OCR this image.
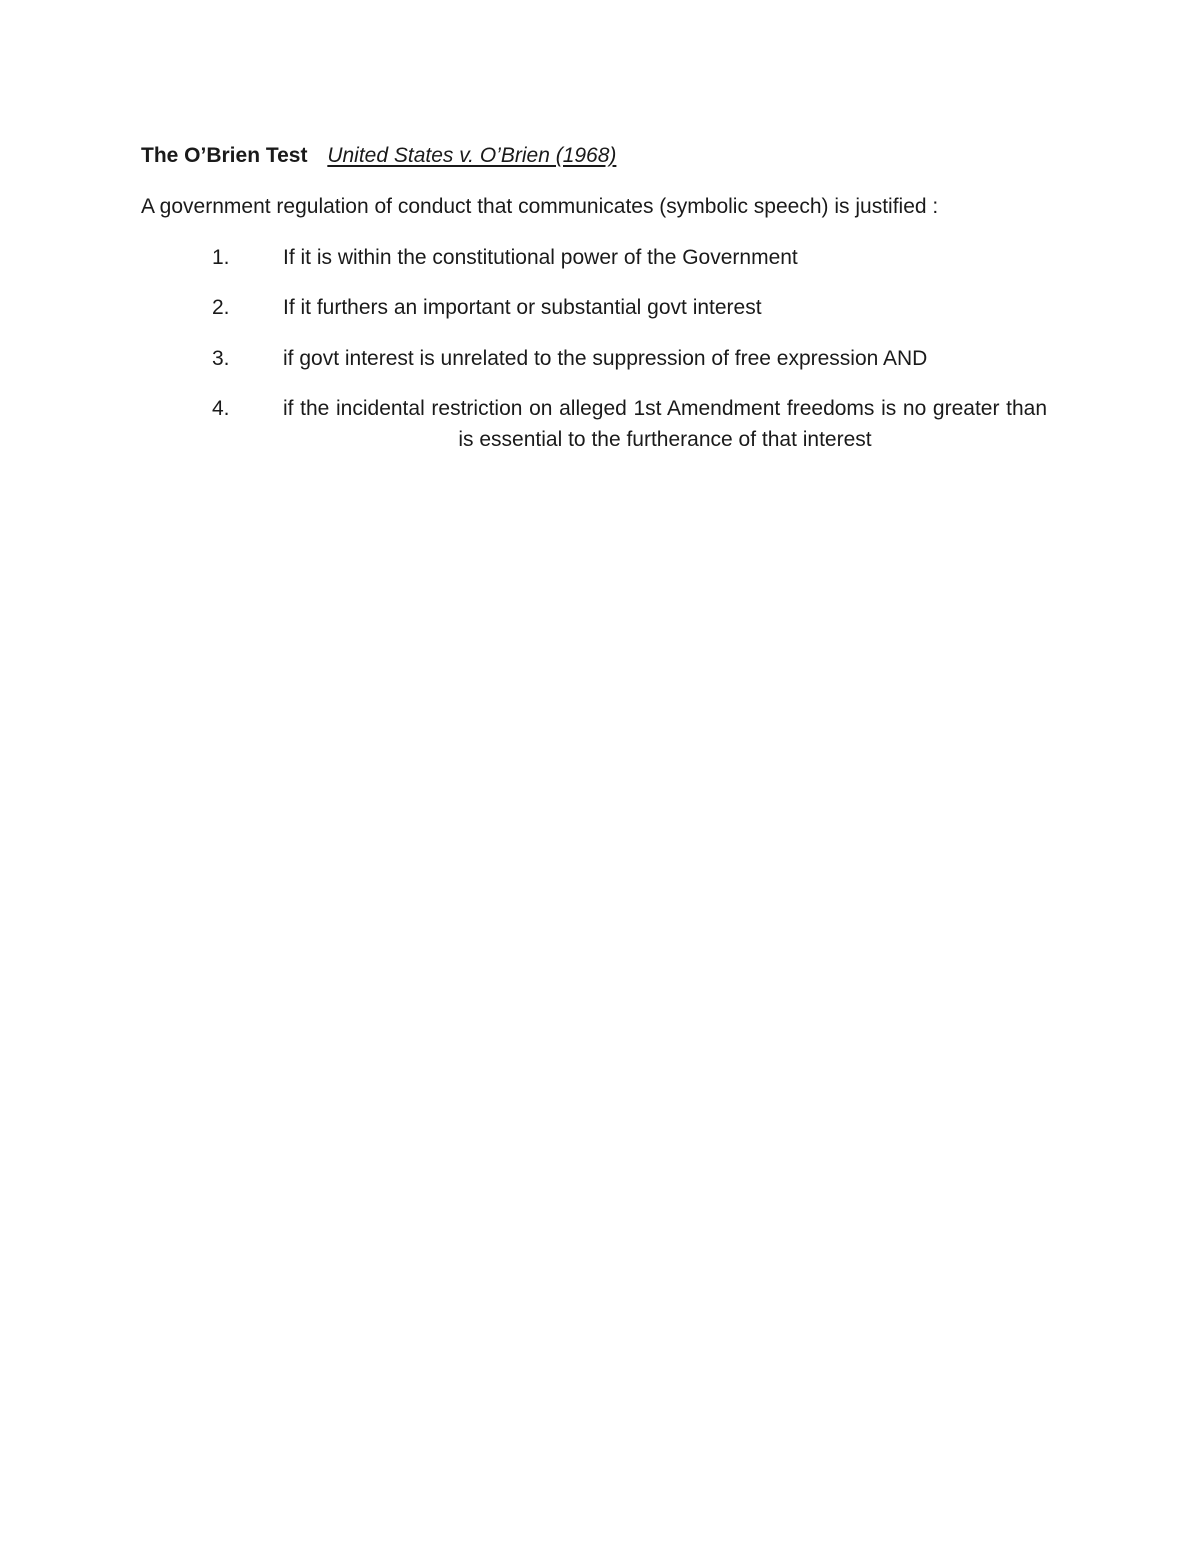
The O’Brien Test United States v. O’Brien (1968)
A government regulation of conduct that communicates (symbolic speech) is justified :
1.	If it is within the constitutional power of the Government
2.	If it furthers an important or substantial govt interest
3.	if govt interest is unrelated to the suppression of free expression AND
4.	if the incidental restriction on alleged 1st Amendment freedoms is no greater than is essential to the furtherance of that interest
